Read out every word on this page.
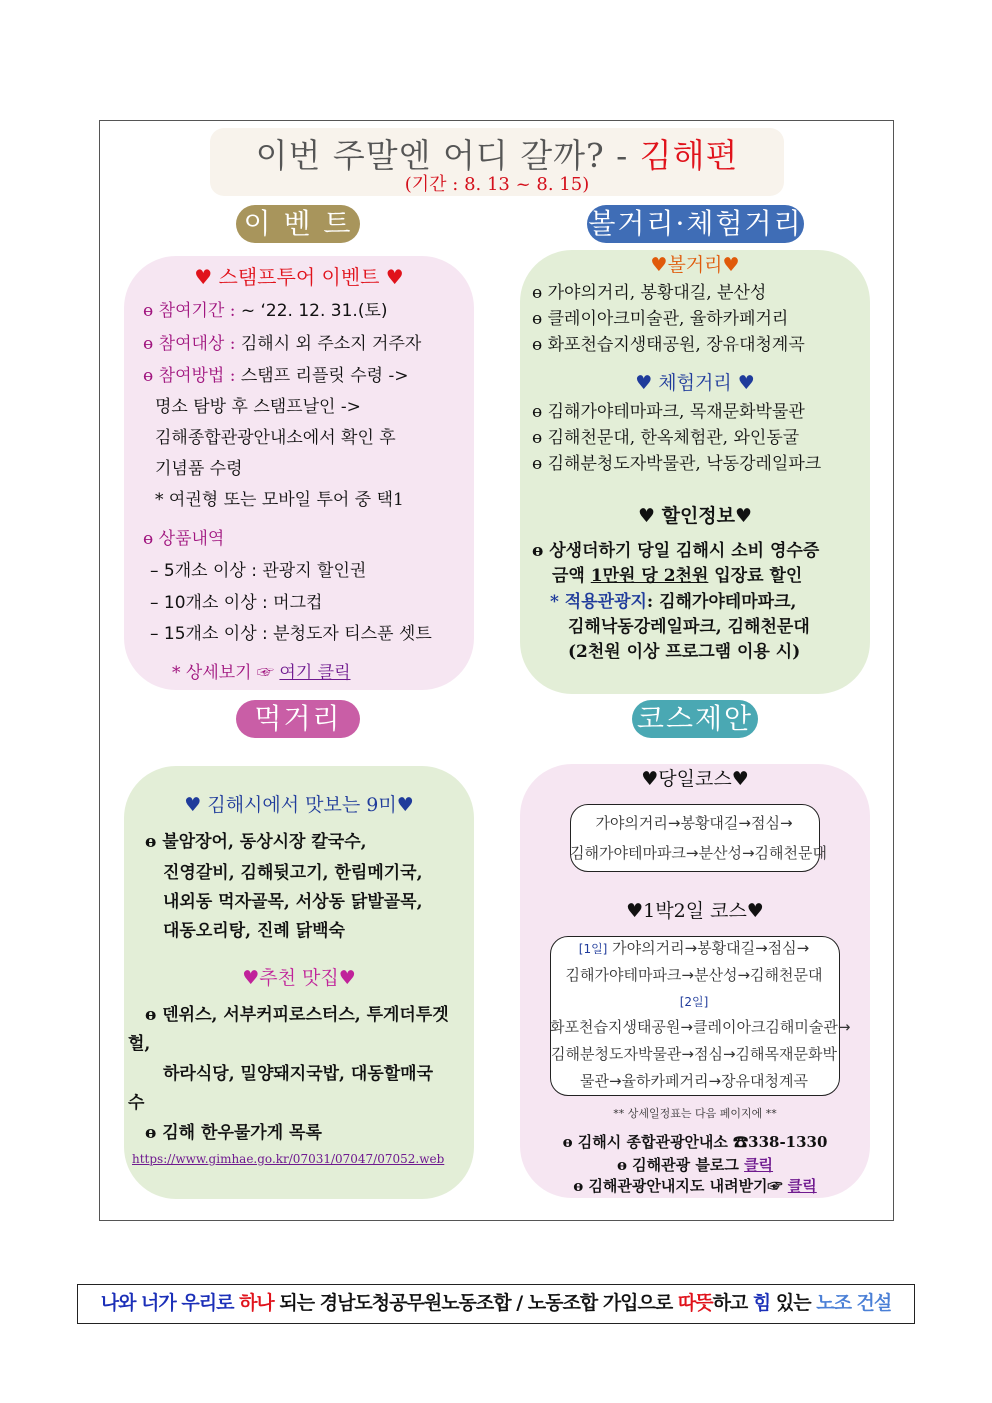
이번 주말엔 어디 갈까? - 김해편
(기간 : 8. 13 ~ 8. 15)
이 벤 트
♥ 스탬프투어 이벤트 ♥
ɵ 참여기간 : ~ ‘22. 12. 31.(토)
ɵ 참여대상 : 김해시 외 주소지 거주자
ɵ 참여방법 : 스탬프 리플릿 수령 ->
명소 탐방 후 스탬프날인 ->
김해종합관광안내소에서 확인 후
기념품 수령
* 여권형 또는 모바일 투어 중 택1
ɵ 상품내역
– 5개소 이상 : 관광지 할인권
– 10개소 이상 : 머그컵
– 15개소 이상 : 분청도자 티스푼 셋트
* 상세보기 ☞ 여기 클릭
볼거리·체험거리
♥볼거리♥
ɵ 가야의거리, 봉황대길, 분산성
ɵ 클레이아크미술관, 율하카페거리
ɵ 화포천습지생태공원, 장유대청계곡
♥ 체험거리 ♥
ɵ 김해가야테마파크, 목재문화박물관
ɵ 김해천문대, 한옥체험관, 와인동굴
ɵ 김해분청도자박물관, 낙동강레일파크
♥ 할인정보♥
ɵ 상생더하기 당일 김해시 소비 영수증
금액 1만원 당 2천원 입장료 할인
* 적용관광지: 김해가야테마파크,
김해낙동강레일파크, 김해천문대
(2천원 이상 프로그램 이용 시)
먹거리
♥ 김해시에서 맛보는 9미♥
ɵ 불암장어, 동상시장 칼국수,
진영갈비, 김해뒷고기, 한림메기국,
내외동 먹자골목, 서상동 닭발골목,
대동오리탕, 진례 닭백숙
♥추천 맛집♥
ɵ 덴위스, 서부커피로스터스, 투게더투겟
헐,
하라식당, 밀양돼지국밥, 대동할매국
수
ɵ 김해 한우물가게 목록
https://www.gimhae.go.kr/07031/07047/07052.web
코스제안
♥당일코스♥
가야의거리→봉황대길→점심→
김해가야테마파크→분산성→김해천문대
♥1박2일 코스♥
[1일] 가야의거리→봉황대길→점심→
김해가야테마파크→분산성→김해천문대
[2일]
화포천습지생태공원→클레이아크김해미술관→
김해분청도자박물관→점심→김해목재문화박
물관→율하카페거리→장유대청계곡
** 상세일정표는 다음 페이지에 **
ɵ 김해시 종합관광안내소 ☎338-1330
ɵ 김해관광 블로그 클릭
ɵ 김해관광안내지도 내려받기☞ 클릭
나와 너가 우리로 하나 되는 경남도청공무원노동조합 / 노동조합 가입으로 따뜻하고 힘 있는 노조 건설
